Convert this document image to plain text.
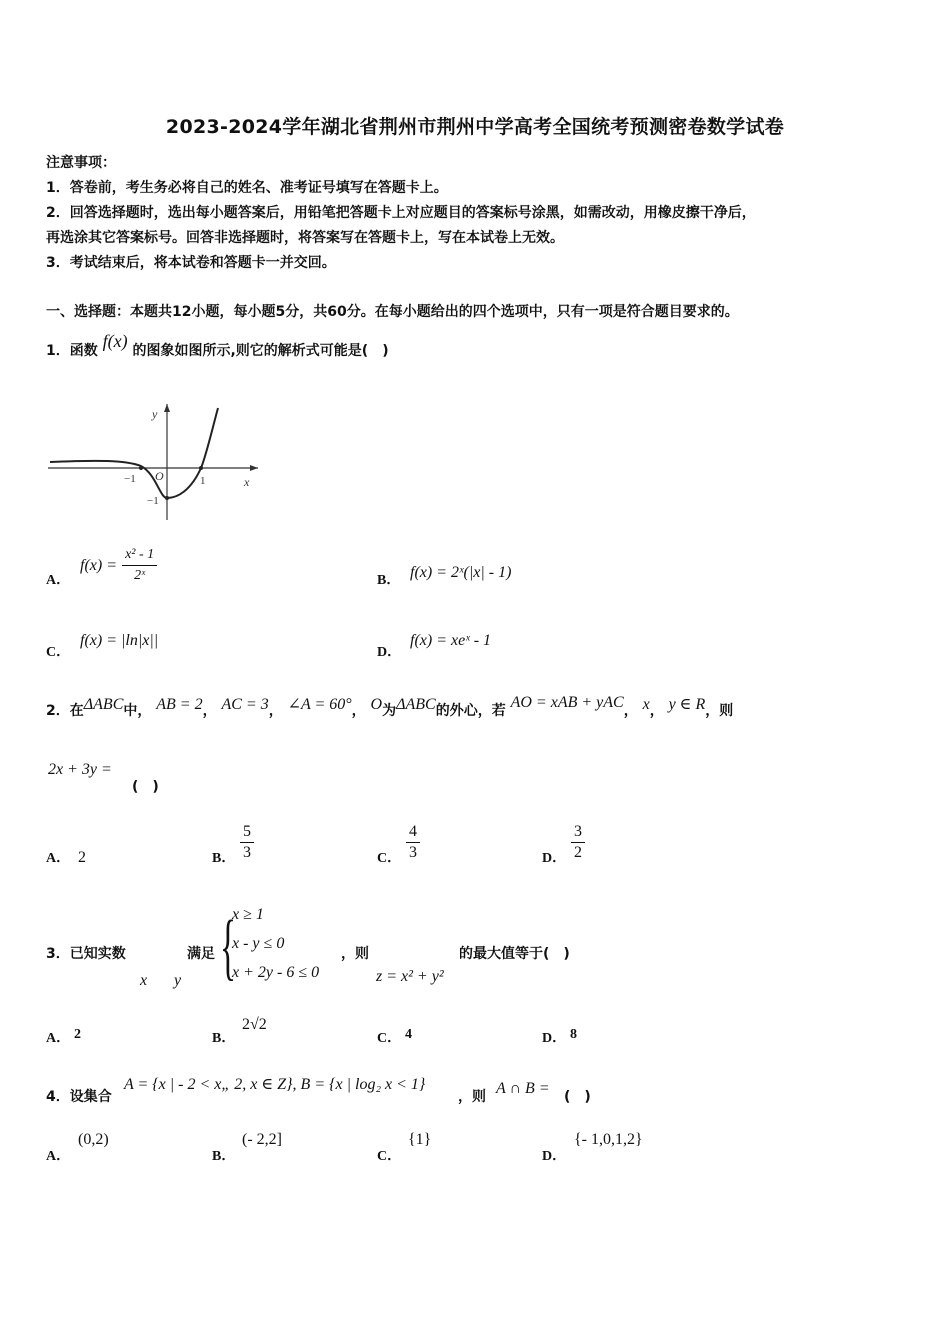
2023-2024学年湖北省荆州市荆州中学高考全国统考预测密卷数学试卷
注意事项：
1．答卷前，考生务必将自己的姓名、准考证号填写在答题卡上。
2．回答选择题时，选出每小题答案后，用铅笔把答题卡上对应题目的答案标号涂黑，如需改动，用橡皮擦干净后，
再选涂其它答案标号。回答非选择题时，将答案写在答题卡上，写在本试卷上无效。
3．考试结束后，将本试卷和答题卡一并交回。
一、选择题：本题共12小题，每小题5分，共60分。在每小题给出的四个选项中，只有一项是符合题目要求的。
1．函数 f(x) 的图象如图所示,则它的解析式可能是(　)
y
x
O
−1	1
−1
A．
$f(x) = \frac{\text{x² - 1}}{\text{2ˣ}}$	B． f(x) = 2ˣ(|x| - 1)
C．
f(x) = |ln|x||
D．
f(x) = xeˣ - 1
2．在ΔABC中， AB = 2， AC = 3， ∠A = 60°， O为ΔABC的外心，若 AO = xAB + yAC， x， y ∈ R，则
2x + 3y =
(　)
A． 2	B． $\frac{5}{3}$	C． $\frac{4}{3}$	D． $\frac{3}{2}$
3．已知实数
x y
满足 {
x ≥ 1
x - y ≤ 0
x + 2y - 6 ≤ 0
，则
z = x² + y²
的最大值等于(　)
A． 2	B．
2√2
C． 4	D． 8
4．设集合
A = {x | - 2 < x„ 2, x ∈ Z}, B = {x | log₂ x < 1}
，则 A ∩ B = (　)
A．
(0,2)
B．
(- 2,2]
C．
{1}
D．
{- 1,0,1,2}
